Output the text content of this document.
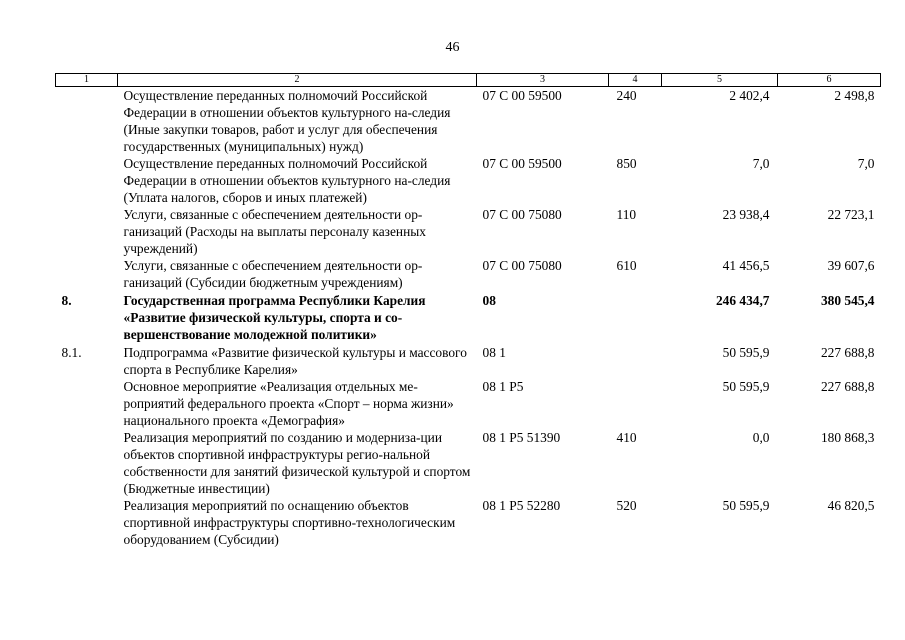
46
1	2	3	4	5	6
	Осуществление переданных полномочий Российской Федерации в отношении объектов культурного на-следия (Иные закупки товаров, работ и услуг для обеспечения государственных (муниципальных) нужд)	07 С 00 59500	240	2 402,4	2 498,8
	Осуществление переданных полномочий Российской Федерации в отношении объектов культурного на-следия (Уплата налогов, сборов и иных платежей)	07 С 00 59500	850	7,0	7,0
	Услуги, связанные с обеспечением деятельности ор-ганизаций (Расходы на выплаты персоналу казенных учреждений)	07 С 00 75080	110	23 938,4	22 723,1
	Услуги, связанные с обеспечением деятельности ор-ганизаций (Субсидии бюджетным учреждениям)	07 С 00 75080	610	41 456,5	39 607,6
8.	Государственная программа Республики Карелия «Развитие физической культуры, спорта и со-вершенствование молодежной политики»	08		246 434,7	380 545,4
8.1.	Подпрограмма «Развитие физической культуры и массового спорта в Республике Карелия»	08 1		50 595,9	227 688,8
	Основное мероприятие «Реализация отдельных ме-роприятий федерального проекта «Спорт – норма жизни» национального проекта «Демография»	08 1 P5		50 595,9	227 688,8
	Реализация мероприятий по созданию и модерниза-ции объектов спортивной инфраструктуры регио-нальной собственности для занятий физической культурой и спортом (Бюджетные инвестиции)	08 1 P5 51390	410	0,0	180 868,3
	Реализация мероприятий по оснащению объектов спортивной инфраструктуры спортивно-технологическим оборудованием (Субсидии)	08 1 P5 52280	520	50 595,9	46 820,5
